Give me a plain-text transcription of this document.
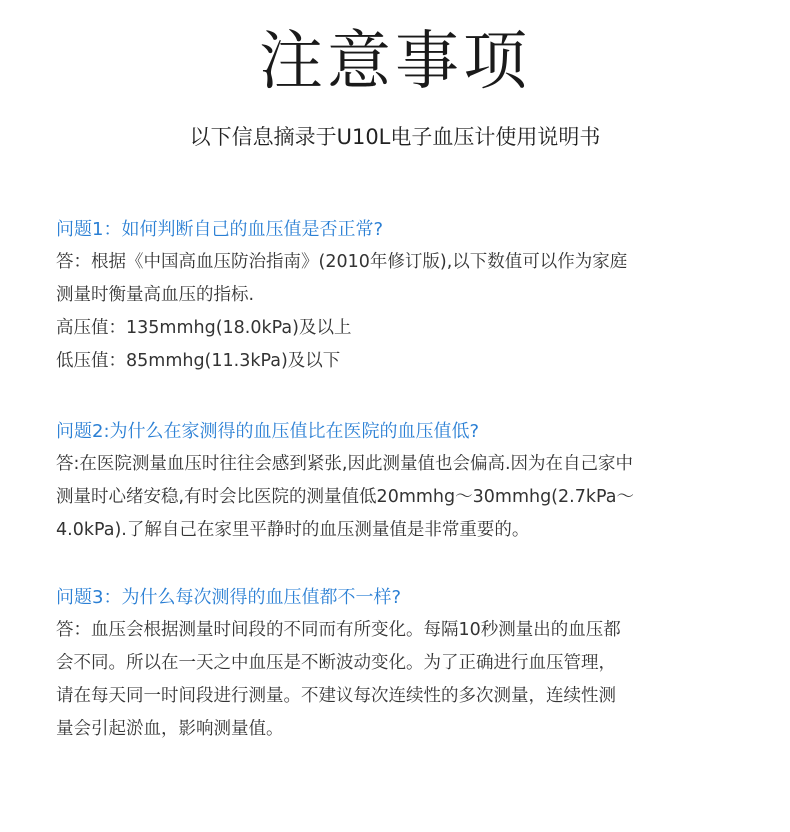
注意事项
以下信息摘录于U10L电子血压计使用说明书
问题1：如何判断自己的血压值是否正常?
答：根据《中国高血压防治指南》(2010年修订版),以下数值可以作为家庭
测量时衡量高血压的指标.
高压值：135mmhg(18.0kPa)及以上
低压值：85mmhg(11.3kPa)及以下
问题2:为什么在家测得的血压值比在医院的血压值低?
答:在医院测量血压时往往会感到紧张,因此测量值也会偏高.因为在自己家中
测量时心绪安稳,有时会比医院的测量值低20mmhg～30mmhg(2.7kPa～
4.0kPa).了解自己在家里平静时的血压测量值是非常重要的。
问题3：为什么每次测得的血压值都不一样?
答：血压会根据测量时间段的不同而有所变化。每隔10秒测量出的血压都
会不同。所以在一天之中血压是不断波动变化。为了正确进行血压管理，
请在每天同一时间段进行测量。不建议每次连续性的多次测量，连续性测
量会引起淤血，影响测量值。
